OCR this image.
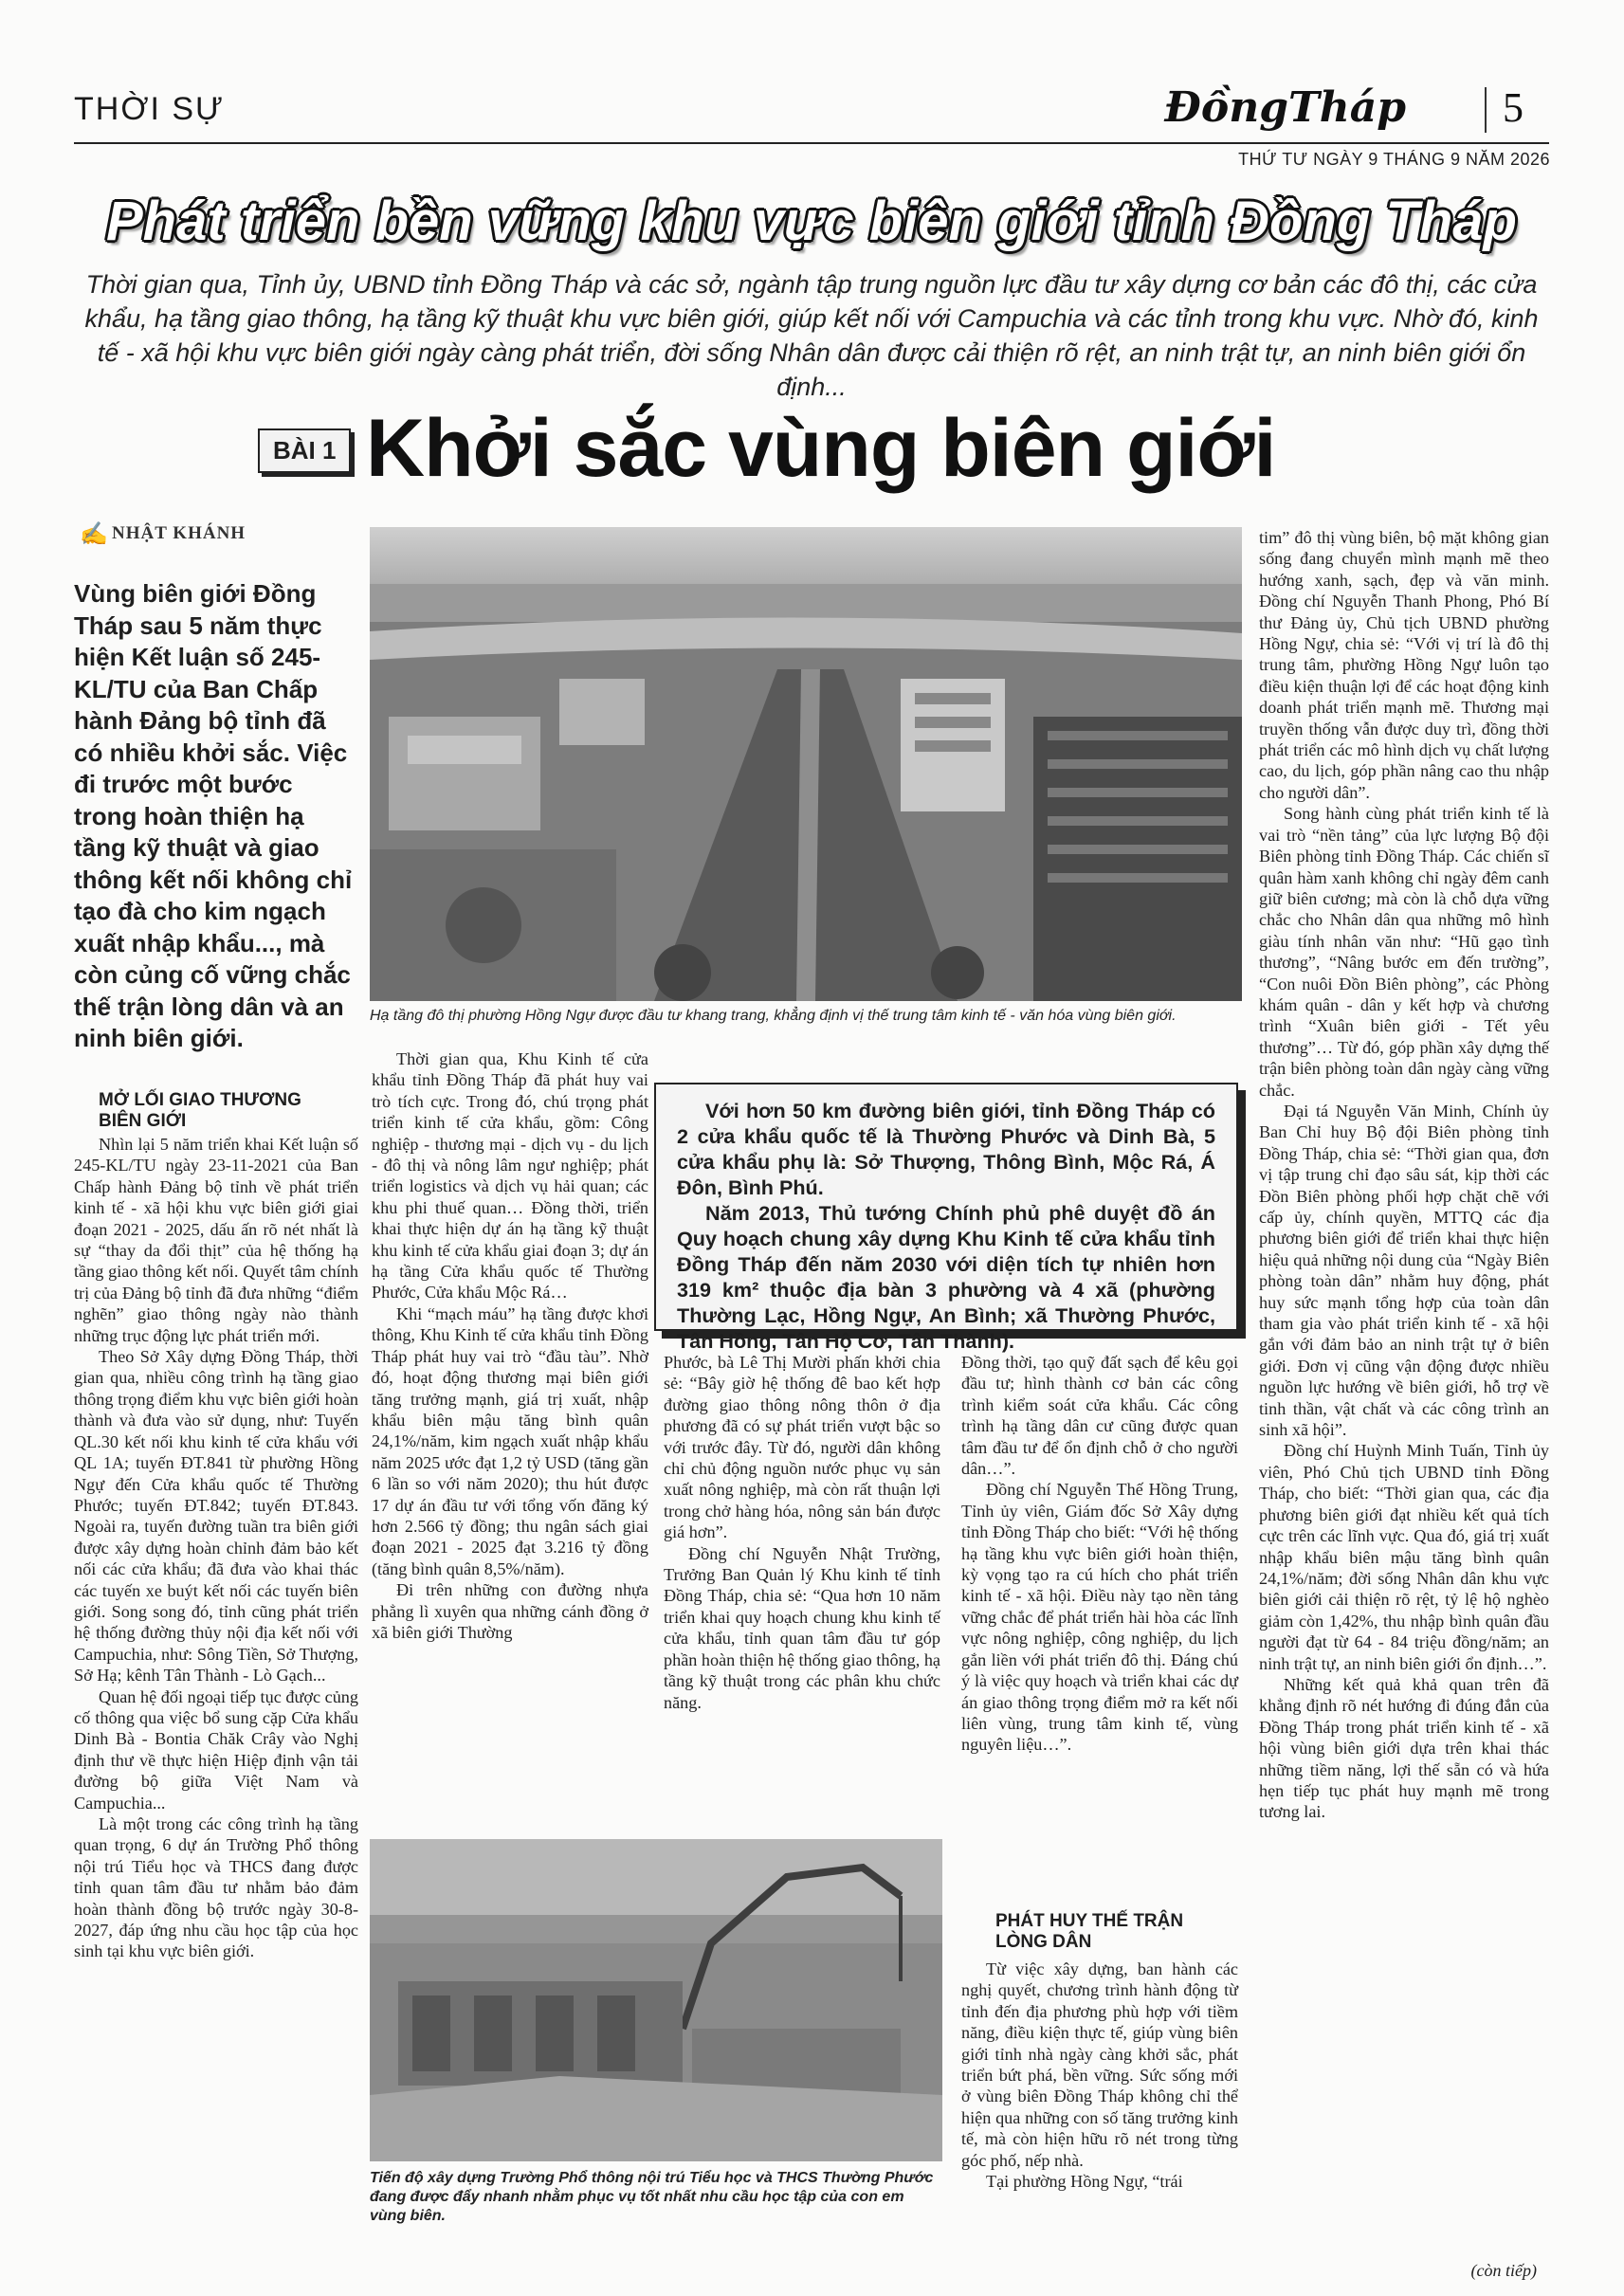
THỜI SỰ	ĐồngTháp 5
THỨ TƯ NGÀY 9 THÁNG 9 NĂM 2026
Phát triển bền vững khu vực biên giới tỉnh Đồng Tháp
Thời gian qua, Tỉnh ủy, UBND tỉnh Đồng Tháp và các sở, ngành tập trung nguồn lực đầu tư xây dựng cơ bản các đô thị, các cửa khẩu, hạ tầng giao thông, hạ tầng kỹ thuật khu vực biên giới, giúp kết nối với Campuchia và các tỉnh trong khu vực. Nhờ đó, kinh tế - xã hội khu vực biên giới ngày càng phát triển, đời sống Nhân dân được cải thiện rõ rệt, an ninh trật tự, an ninh biên giới ổn định...
BÀI 1 Khởi sắc vùng biên giới
✍ NHẬT KHÁNH
Vùng biên giới Đồng Tháp sau 5 năm thực hiện Kết luận số 245-KL/TU của Ban Chấp hành Đảng bộ tỉnh đã có nhiều khởi sắc. Việc đi trước một bước trong hoàn thiện hạ tầng kỹ thuật và giao thông kết nối không chỉ tạo đà cho kim ngạch xuất nhập khẩu..., mà còn củng cố vững chắc thế trận lòng dân và an ninh biên giới.

MỞ LỐI GIAO THƯƠNG BIÊN GIỚI

Nhìn lại 5 năm triển khai Kết luận số 245-KL/TU ngày 23-11-2021 của Ban Chấp hành Đảng bộ tỉnh về phát triển kinh tế - xã hội khu vực biên giới giai đoạn 2021 - 2025, dấu ấn rõ nét nhất là sự “thay da đổi thịt” của hệ thống hạ tầng giao thông kết nối. Quyết tâm chính trị của Đảng bộ tỉnh đã đưa những “điểm nghẽn” giao thông ngày nào thành những trục động lực phát triển mới.

Theo Sở Xây dựng Đồng Tháp, thời gian qua, nhiều công trình hạ tầng giao thông trọng điểm khu vực biên giới hoàn thành và đưa vào sử dụng, như: Tuyến QL.30 kết nối khu kinh tế cửa khẩu với QL 1A; tuyến ĐT.841 từ phường Hồng Ngự đến Cửa khẩu quốc tế Thường Phước; tuyến ĐT.842; tuyến ĐT.843. Ngoài ra, tuyến đường tuần tra biên giới được xây dựng hoàn chỉnh đảm bảo kết nối các cửa khẩu; đã đưa vào khai thác các tuyến xe buýt kết nối các tuyến biên giới. Song song đó, tỉnh cũng phát triển hệ thống đường thủy nội địa kết nối với Campuchia, như: Sông Tiền, Sở Thượng, Sở Hạ; kênh Tân Thành - Lò Gạch...

Quan hệ đối ngoại tiếp tục được củng cố thông qua việc bổ sung cặp Cửa khẩu Dinh Bà - Bontia Chăk Crây vào Nghị định thư về thực hiện Hiệp định vận tải đường bộ giữa Việt Nam và Campuchia...

Là một trong các công trình hạ tầng quan trọng, 6 dự án Trường Phổ thông nội trú Tiểu học và THCS đang được tỉnh quan tâm đầu tư nhằm bảo đảm hoàn thành đồng bộ trước ngày 30-8-2027, đáp ứng nhu cầu học tập của học sinh tại khu vực biên giới.

Hạ tầng đô thị phường Hồng Ngự được đầu tư khang trang, khẳng định vị thế trung tâm kinh tế - văn hóa vùng biên giới.

Thời gian qua, Khu Kinh tế cửa khẩu tỉnh Đồng Tháp đã phát huy vai trò tích cực. Trong đó, chú trọng phát triển kinh tế cửa khẩu, gồm: Công nghiệp - thương mại - dịch vụ - du lịch - đô thị và nông lâm ngư nghiệp; phát triển logistics và dịch vụ hải quan; các khu phi thuế quan… Đồng thời, triển khai thực hiện dự án hạ tầng kỹ thuật khu kinh tế cửa khẩu giai đoạn 3; dự án hạ tầng Cửa khẩu quốc tế Thường Phước, Cửa khẩu Mộc Rá…

Khi “mạch máu” hạ tầng được khơi thông, Khu Kinh tế cửa khẩu tỉnh Đồng Tháp phát huy vai trò “đầu tàu”. Nhờ đó, hoạt động thương mại biên giới tăng trưởng mạnh, giá trị xuất, nhập khẩu biên mậu tăng bình quân 24,1%/năm, kim ngạch xuất nhập khẩu năm 2025 ước đạt 1,2 tỷ USD (tăng gần 6 lần so với năm 2020); thu hút được 17 dự án đầu tư với tổng vốn đăng ký hơn 2.566 tỷ đồng; thu ngân sách giai đoạn 2021 - 2025 đạt 3.216 tỷ đồng (tăng bình quân 8,5%/năm).

Đi trên những con đường nhựa phẳng lì xuyên qua những cánh đồng ở xã biên giới Thường

Với hơn 50 km đường biên giới, tỉnh Đồng Tháp có 2 cửa khẩu quốc tế là Thường Phước và Dinh Bà, 5 cửa khẩu phụ là: Sở Thượng, Thông Bình, Mộc Rá, Á Đôn, Bình Phú.

Năm 2013, Thủ tướng Chính phủ phê duyệt đồ án Quy hoạch chung xây dựng Khu Kinh tế cửa khẩu tỉnh Đồng Tháp đến năm 2030 với diện tích tự nhiên hơn 319 km² thuộc địa bàn 3 phường và 4 xã (phường Thường Lạc, Hồng Ngự, An Bình; xã Thường Phước, Tân Hồng, Tân Hộ Cơ, Tân Thành).

Phước, bà Lê Thị Mười phấn khởi chia sẻ: “Bây giờ hệ thống đê bao kết hợp đường giao thông nông thôn ở địa phương đã có sự phát triển vượt bậc so với trước đây. Từ đó, người dân không chỉ chủ động nguồn nước phục vụ sản xuất nông nghiệp, mà còn rất thuận lợi trong chở hàng hóa, nông sản bán được giá hơn”.

Đồng chí Nguyễn Nhật Trường, Trưởng Ban Quản lý Khu kinh tế tỉnh Đồng Tháp, chia sẻ: “Qua hơn 10 năm triển khai quy hoạch chung khu kinh tế cửa khẩu, tỉnh quan tâm đầu tư góp phần hoàn thiện hệ thống giao thông, hạ tầng kỹ thuật trong các phân khu chức năng.

Đồng thời, tạo quỹ đất sạch để kêu gọi đầu tư; hình thành cơ bản các công trình kiểm soát cửa khẩu. Các công trình hạ tầng dân cư cũng được quan tâm đầu tư để ổn định chỗ ở cho người dân…”.

Đồng chí Nguyễn Thế Hồng Trung, Tỉnh ủy viên, Giám đốc Sở Xây dựng tỉnh Đồng Tháp cho biết: “Với hệ thống hạ tầng khu vực biên giới hoàn thiện, kỳ vọng tạo ra cú hích cho phát triển kinh tế - xã hội. Điều này tạo nền tảng vững chắc để phát triển hài hòa các lĩnh vực nông nghiệp, công nghiệp, du lịch gắn liền với phát triển đô thị. Đáng chú ý là việc quy hoạch và triển khai các dự án giao thông trọng điểm mở ra kết nối liên vùng, trung tâm kinh tế, vùng nguyên liệu…”.

PHÁT HUY THẾ TRẬN LÒNG DÂN

Từ việc xây dựng, ban hành các nghị quyết, chương trình hành động từ tỉnh đến địa phương phù hợp với tiềm năng, điều kiện thực tế, giúp vùng biên giới tỉnh nhà ngày càng khởi sắc, phát triển bứt phá, bền vững. Sức sống mới ở vùng biên Đồng Tháp không chỉ thể hiện qua những con số tăng trưởng kinh tế, mà còn hiện hữu rõ nét trong từng góc phố, nếp nhà.

Tại phường Hồng Ngự, “trái

Tiến độ xây dựng Trường Phổ thông nội trú Tiểu học và THCS Thường Phước đang được đẩy nhanh nhằm phục vụ tốt nhất nhu cầu học tập của con em vùng biên.

tim” đô thị vùng biên, bộ mặt không gian sống đang chuyển mình mạnh mẽ theo hướng xanh, sạch, đẹp và văn minh. Đồng chí Nguyễn Thanh Phong, Phó Bí thư Đảng ủy, Chủ tịch UBND phường Hồng Ngự, chia sẻ: “Với vị trí là đô thị trung tâm, phường Hồng Ngự luôn tạo điều kiện thuận lợi để các hoạt động kinh doanh phát triển mạnh mẽ. Thương mại truyền thống vẫn được duy trì, đồng thời phát triển các mô hình dịch vụ chất lượng cao, du lịch, góp phần nâng cao thu nhập cho người dân”.

Song hành cùng phát triển kinh tế là vai trò “nền tảng” của lực lượng Bộ đội Biên phòng tỉnh Đồng Tháp. Các chiến sĩ quân hàm xanh không chỉ ngày đêm canh giữ biên cương; mà còn là chỗ dựa vững chắc cho Nhân dân qua những mô hình giàu tính nhân văn như: “Hũ gạo tình thương”, “Nâng bước em đến trường”, “Con nuôi Đồn Biên phòng”, các Phòng khám quân - dân y kết hợp và chương trình “Xuân biên giới - Tết yêu thương”… Từ đó, góp phần xây dựng thế trận biên phòng toàn dân ngày càng vững chắc.

Đại tá Nguyễn Văn Minh, Chính ủy Ban Chỉ huy Bộ đội Biên phòng tỉnh Đồng Tháp, chia sẻ: “Thời gian qua, đơn vị tập trung chỉ đạo sâu sát, kịp thời các Đồn Biên phòng phối hợp chặt chẽ với cấp ủy, chính quyền, MTTQ các địa phương biên giới để triển khai thực hiện hiệu quả những nội dung của “Ngày Biên phòng toàn dân” nhằm huy động, phát huy sức mạnh tổng hợp của toàn dân tham gia vào phát triển kinh tế - xã hội gắn với đảm bảo an ninh trật tự ở biên giới. Đơn vị cũng vận động được nhiều nguồn lực hướng về biên giới, hỗ trợ về tinh thần, vật chất và các công trình an sinh xã hội”.

Đồng chí Huỳnh Minh Tuấn, Tỉnh ủy viên, Phó Chủ tịch UBND tỉnh Đồng Tháp, cho biết: “Thời gian qua, các địa phương biên giới đạt nhiều kết quả tích cực trên các lĩnh vực. Qua đó, giá trị xuất nhập khẩu biên mậu tăng bình quân 24,1%/năm; đời sống Nhân dân khu vực biên giới cải thiện rõ rệt, tỷ lệ hộ nghèo giảm còn 1,42%, thu nhập bình quân đầu người đạt từ 64 - 84 triệu đồng/năm; an ninh trật tự, an ninh biên giới ổn định…”.

Những kết quả khả quan trên đã khẳng định rõ nét hướng đi đúng đắn của Đồng Tháp trong phát triển kinh tế - xã hội vùng biên giới dựa trên khai thác những tiềm năng, lợi thế sẵn có và hứa hẹn tiếp tục phát huy mạnh mẽ trong tương lai.

(còn tiếp)
